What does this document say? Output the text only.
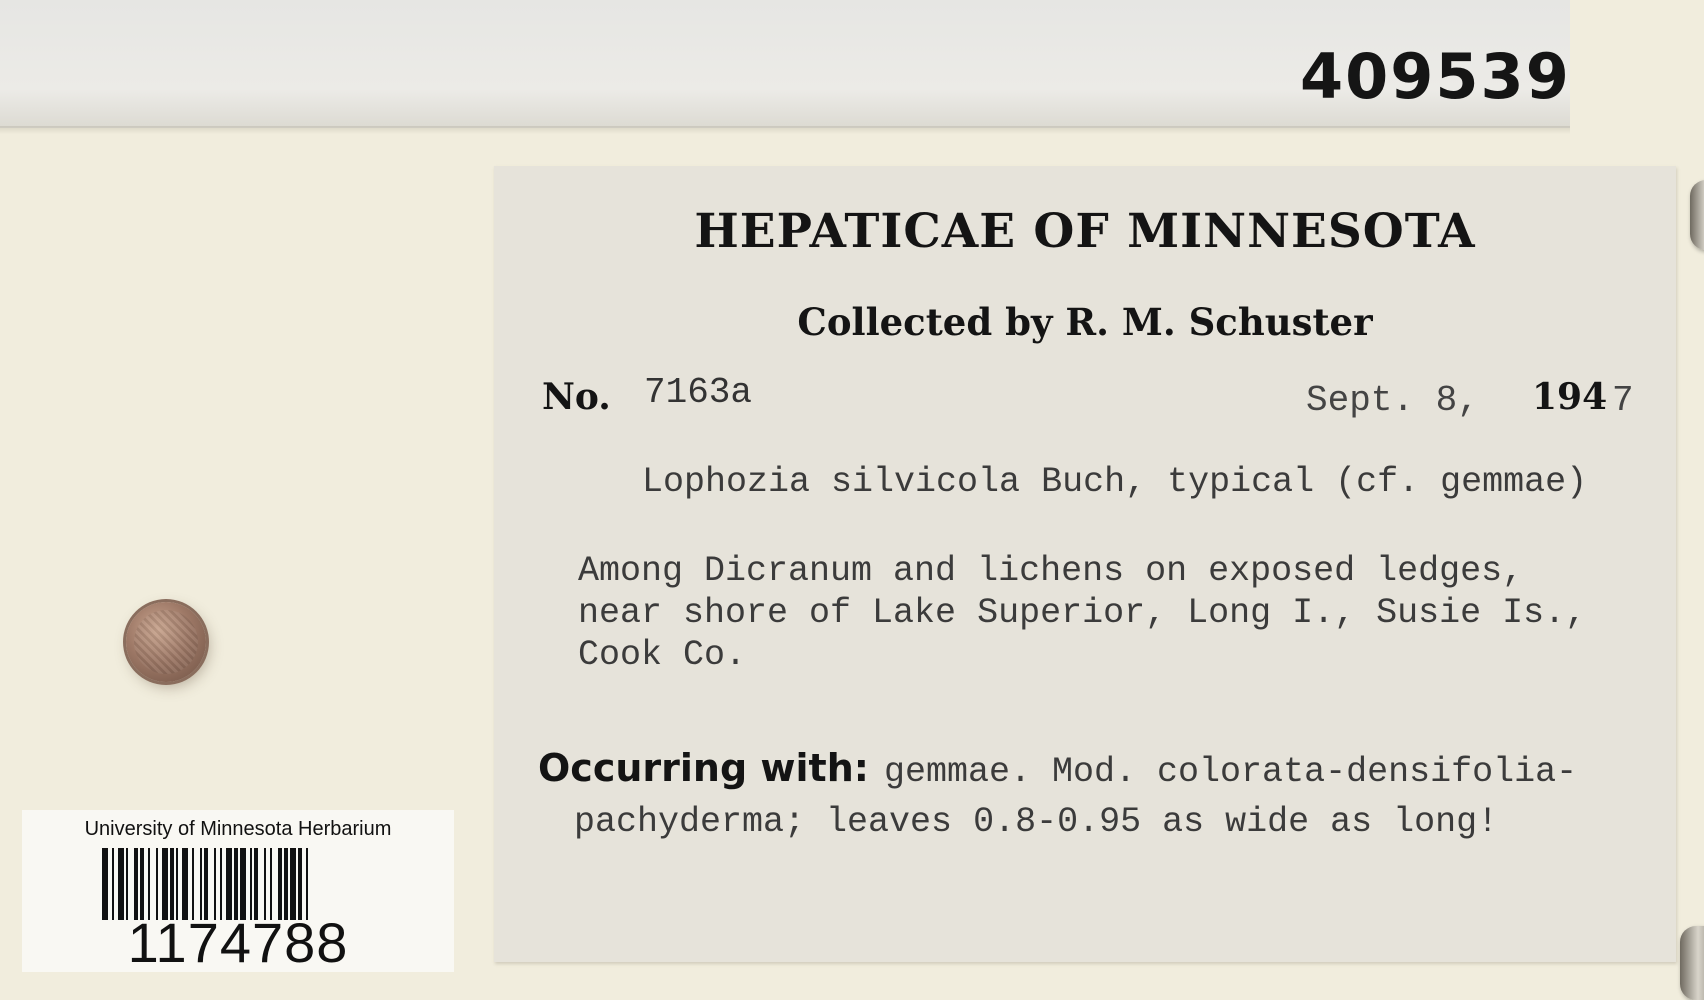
409539
HEPATICAE OF MINNESOTA
Collected by R. M. Schuster
No. 7163a	Sept. 8, 194 7
Lophozia silvicola Buch, typical (cf. gemmae)
Among Dicranum and lichens on exposed ledges,
near shore of Lake Superior, Long I., Susie Is.,
Cook Co.
Occurring with: gemmae. Mod. colorata-densifolia-
pachyderma; leaves 0.8-0.95 as wide as long!
University of Minnesota Herbarium
1174788
